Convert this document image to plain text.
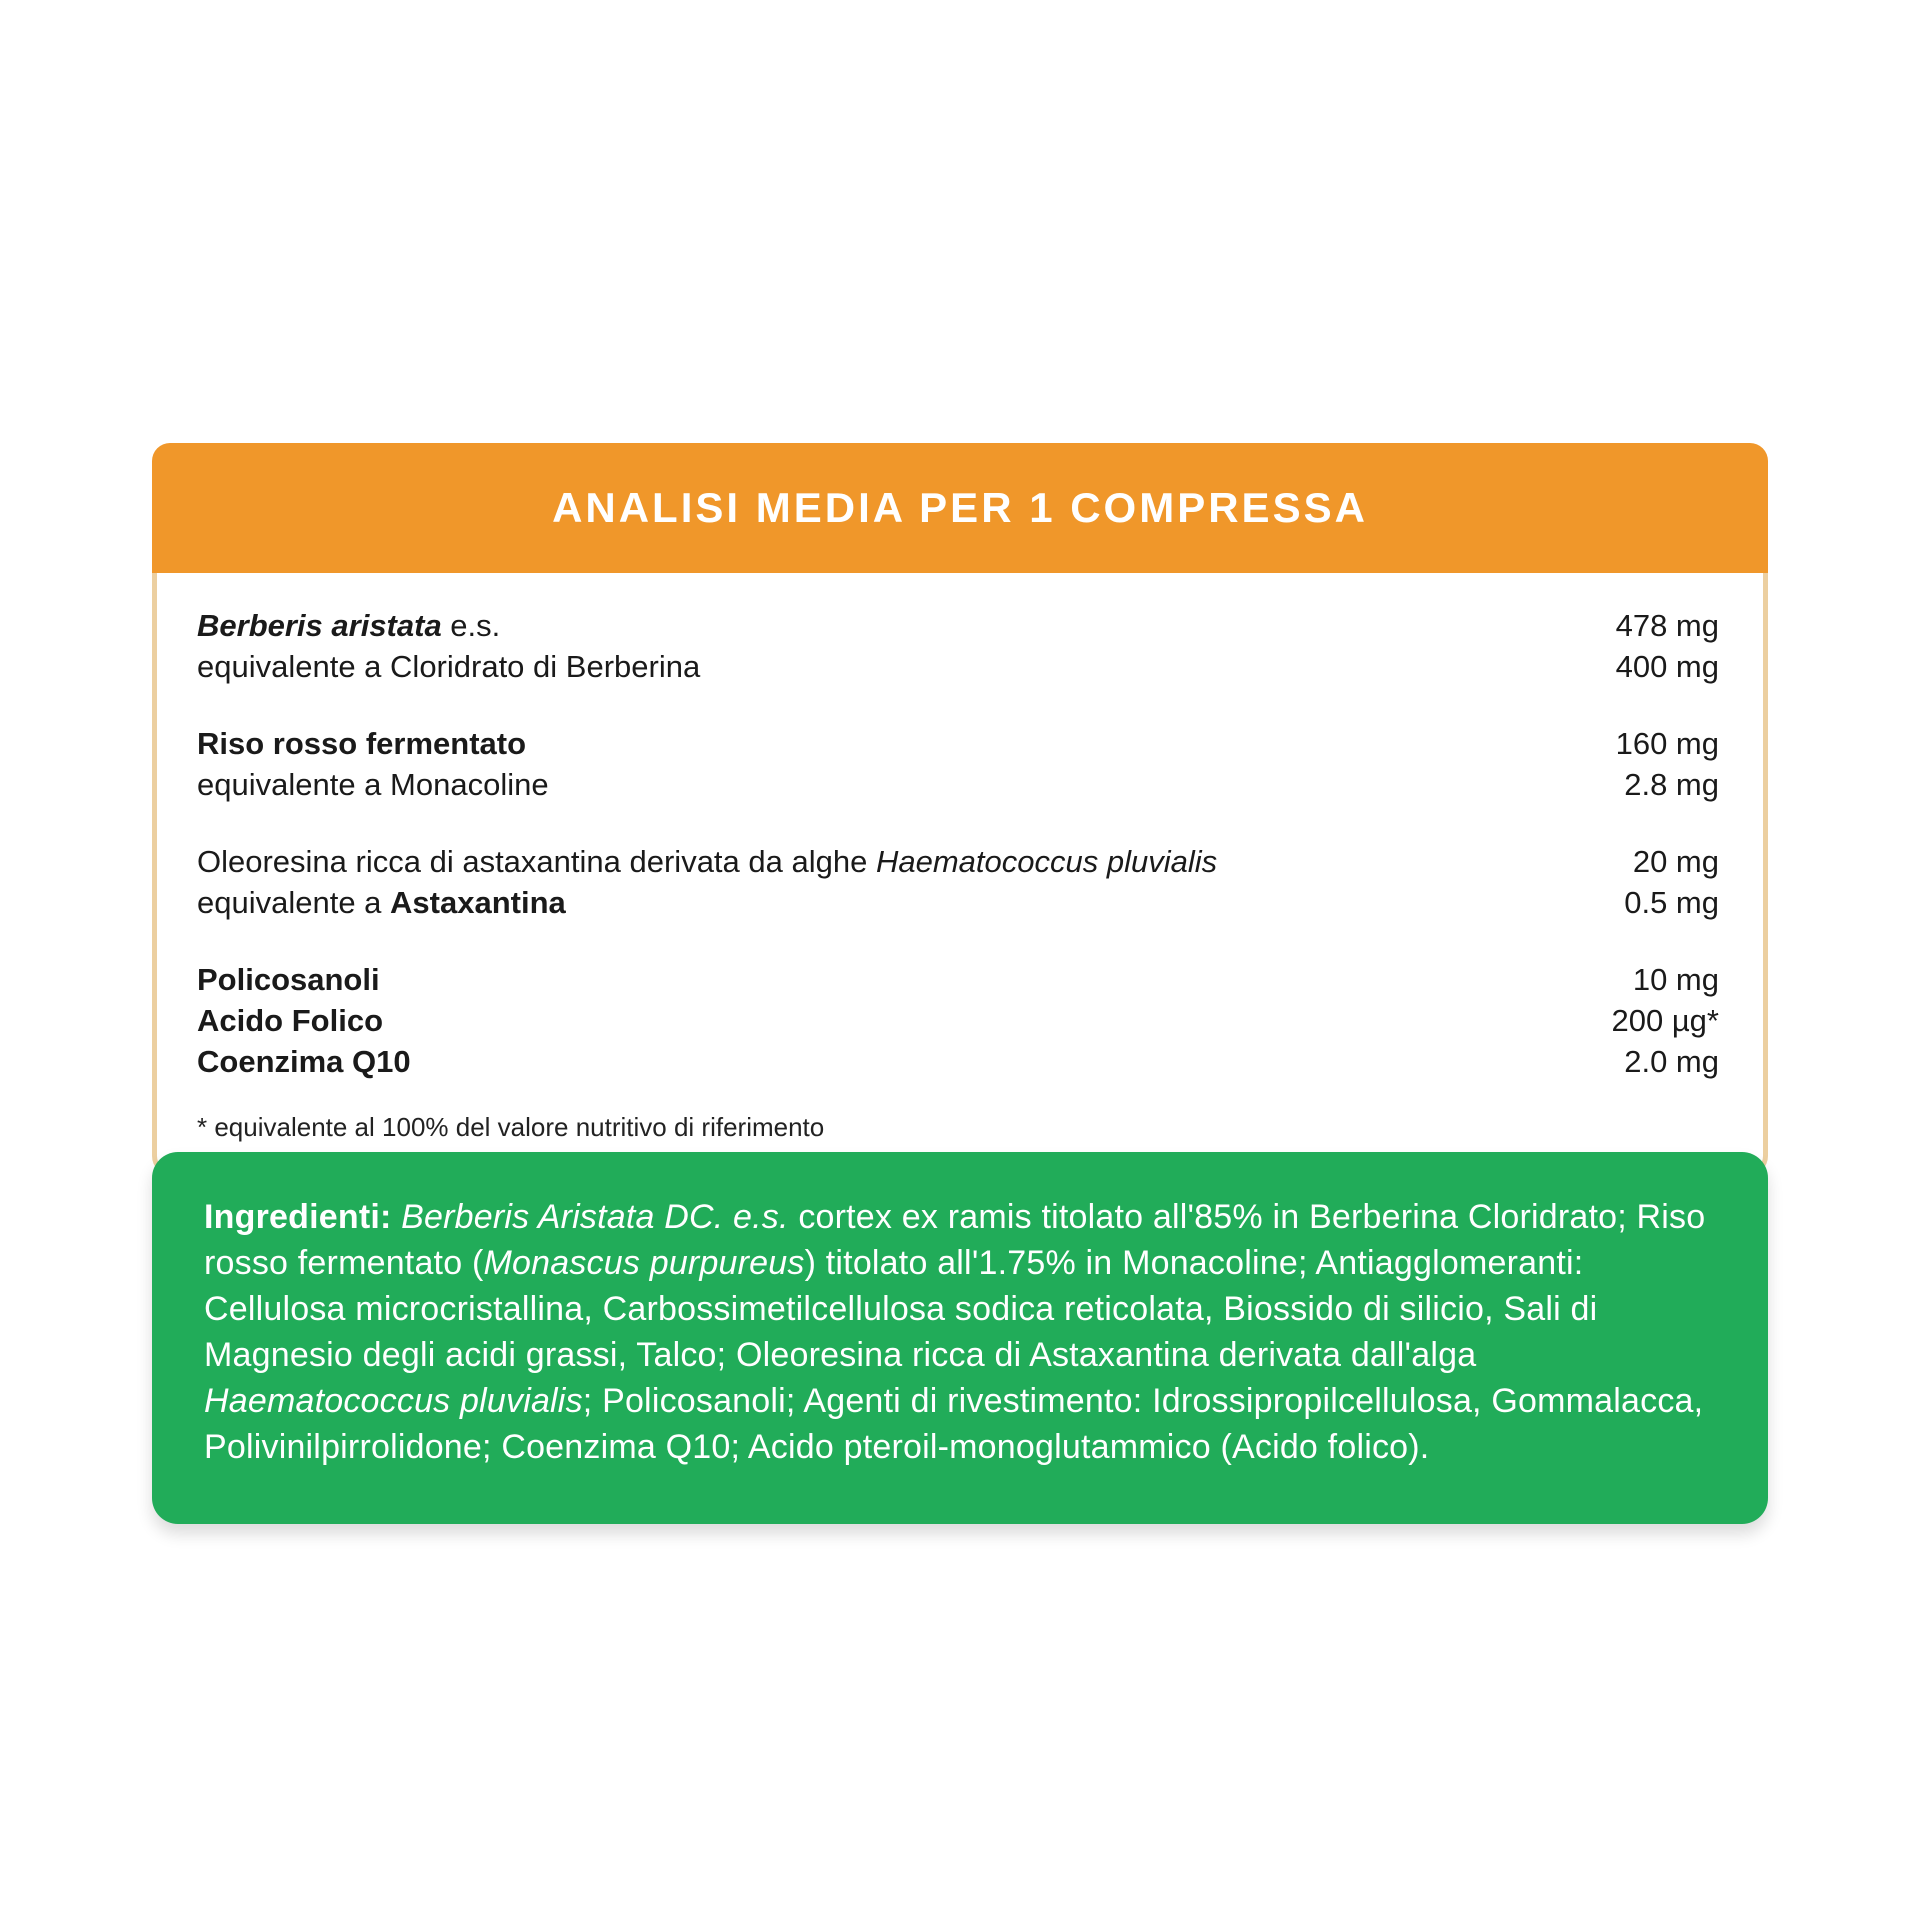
ANALISI MEDIA PER 1 COMPRESSA
Berberis aristata e.s.	478 mg
equivalente a Cloridrato di Berberina	400 mg
Riso rosso fermentato	160 mg
equivalente a Monacoline	2.8 mg
Oleoresina ricca di astaxantina derivata da alghe Haematococcus pluvialis	20 mg
equivalente a Astaxantina	0.5 mg
Policosanoli	10 mg
Acido Folico	200 µg*
Coenzima Q10	2.0 mg

* equivalente al 100% del valore nutritivo di riferimento

Ingredienti: Berberis Aristata DC. e.s. cortex ex ramis titolato all'85% in Berberina Cloridrato; Riso rosso fermentato (Monascus purpureus) titolato all'1.75% in Monacoline; Antiagglomeranti: Cellulosa microcristallina, Carbossimetilcellulosa sodica reticolata, Biossido di silicio, Sali di Magnesio degli acidi grassi, Talco; Oleoresina ricca di Astaxantina derivata dall'alga Haematococcus pluvialis; Policosanoli; Agenti di rivestimento: Idrossipropilcellulosa, Gommalacca, Polivinilpirrolidone; Coenzima Q10; Acido pteroil-monoglutammico (Acido folico).
